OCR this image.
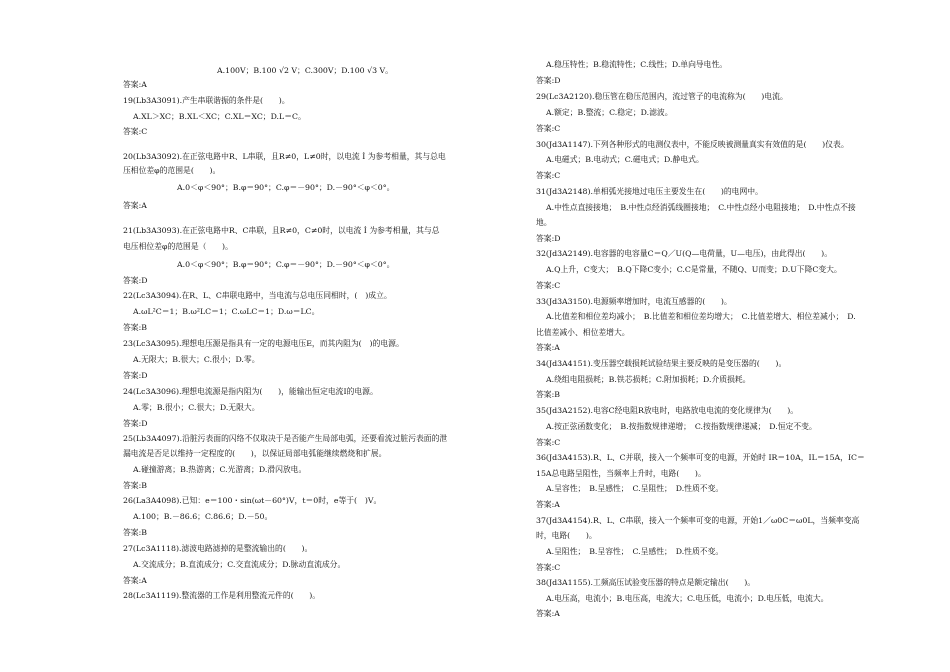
A.100V；B.100 √2 V；C.300V；D.100 √3 V。
答案:A
19(Lb3A3091).产生串联谐振的条件是(　　)。
A.XL＞XC；B.XL＜XC；C.XL＝XC；D.L＝C。
答案:C
20(Lb3A3092).在正弦电路中R、L串联，且R≠0，L≠0时，以电流 İ 为参考相量，其与总电
压相位差φ的范围是(　　)。
A.0＜φ＜90°；B.φ＝90°；C.φ＝－90°；D.－90°＜φ＜0°。
答案:A
21(Lb3A3093).在正弦电路中R、C串联，且R≠0，C≠0时，以电流 İ 为参考相量，其与总
电压相位差φ的范围是（　　)。
A.0＜φ＜90°；B.φ＝90°；C.φ＝－90°；D.－90°＜φ＜0°。
答案:D
22(Lc3A3094).在R、L、C串联电路中，当电流与总电压同相时，(　)成立。
A.ωL²C＝1；B.ω²LC＝1；C.ωLC＝1；D.ω＝LC。
答案:B
23(Lc3A3095).理想电压源是指具有一定的电源电压E，而其内阻为(　)的电源。
A.无限大；B.很大；C.很小；D.零。
答案:D
24(Lc3A3096).理想电流源是指内阻为(　　)，能输出恒定电流I的电源。
A.零；B.很小；C.很大；D.无限大。
答案:D
25(Lb3A4097).沿脏污表面的闪络不仅取决于是否能产生局部电弧，还要看流过脏污表面的泄
漏电流是否足以维持一定程度的(　　)，以保证局部电弧能继续燃烧和扩展。
A.碰撞游离；B.热游离；C.光游离；D.滑闪放电。
答案:B
26(La3A4098).已知：e＝100・sin(ωt－60°)V，t＝0时，e等于(　)V。
A.100；B.－86.6；C.86.6；D.－50。
答案:B
27(Lc3A1118).滤波电路滤掉的是整流输出的(　　)。
A.交流成分；B.直流成分；C.交直流成分；D.脉动直流成分。
答案:A
28(Lc3A1119).整流器的工作是利用整流元件的(　　)。
A.稳压特性；B.稳流特性；C.线性；D.单向导电性。
答案:D
29(Lc3A2120).稳压管在稳压范围内，流过管子的电流称为(　　)电流。
A.额定；B.整流；C.稳定；D.滤波。
答案:C
30(Jd3A1147).下列各种形式的电测仪表中，不能反映被测量真实有效值的是(　　)仪表。
A.电磁式；B.电动式；C.磁电式；D.静电式。
答案:C
31(Jd3A2148).单相弧光接地过电压主要发生在(　　)的电网中。
A.中性点直接接地；　B.中性点经消弧线圈接地；　C.中性点经小电阻接地；　D.中性点不接
地。
答案:D
32(Jd3A2149).电容器的电容量C＝Q／U(Q—电荷量，U—电压)，由此得出(　　)。
A.Q上升，C变大；　B.Q下降C变小；C.C是常量，不随Q、U而变；D.U下降C变大。
答案:C
33(Jd3A3150).电源频率增加时，电流互感器的(　　)。
A.比值差和相位差均减小；　B.比值差和相位差均增大；　C.比值差增大、相位差减小；　D.
比值差减小、相位差增大。
答案:A
34(Jd3A4151).变压器空载损耗试验结果主要反映的是变压器的(　　)。
A.绕组电阻损耗；B.铁芯损耗；C.附加损耗；D.介质损耗。
答案:B
35(Jd3A2152).电容C经电阻R放电时，电路放电电流的变化规律为(　　)。
A.按正弦函数变化；　B.按指数规律递增；　C.按指数规律递减；　D.恒定不变。
答案:C
36(Jd3A4153).R、L、C并联，接入一个频率可变的电源，开始时 IR＝10A，IL＝15A，IC＝
15A总电路呈阻性，当频率上升时，电路(　　)。
A.呈容性；　B.呈感性；　C.呈阻性；　D.性质不变。
答案:A
37(Jd3A4154).R、L、C串联，接入一个频率可变的电源，开始1／ω0C＝ω0L，当频率变高
时，电路(　　)。
A.呈阻性；　B.呈容性；　C.呈感性；　D.性质不变。
答案:C
38(Jd3A1155).工频高压试验变压器的特点是额定输出(　　)。
A.电压高，电流小；B.电压高，电流大；C.电压低，电流小；D.电压低，电流大。
答案:A
